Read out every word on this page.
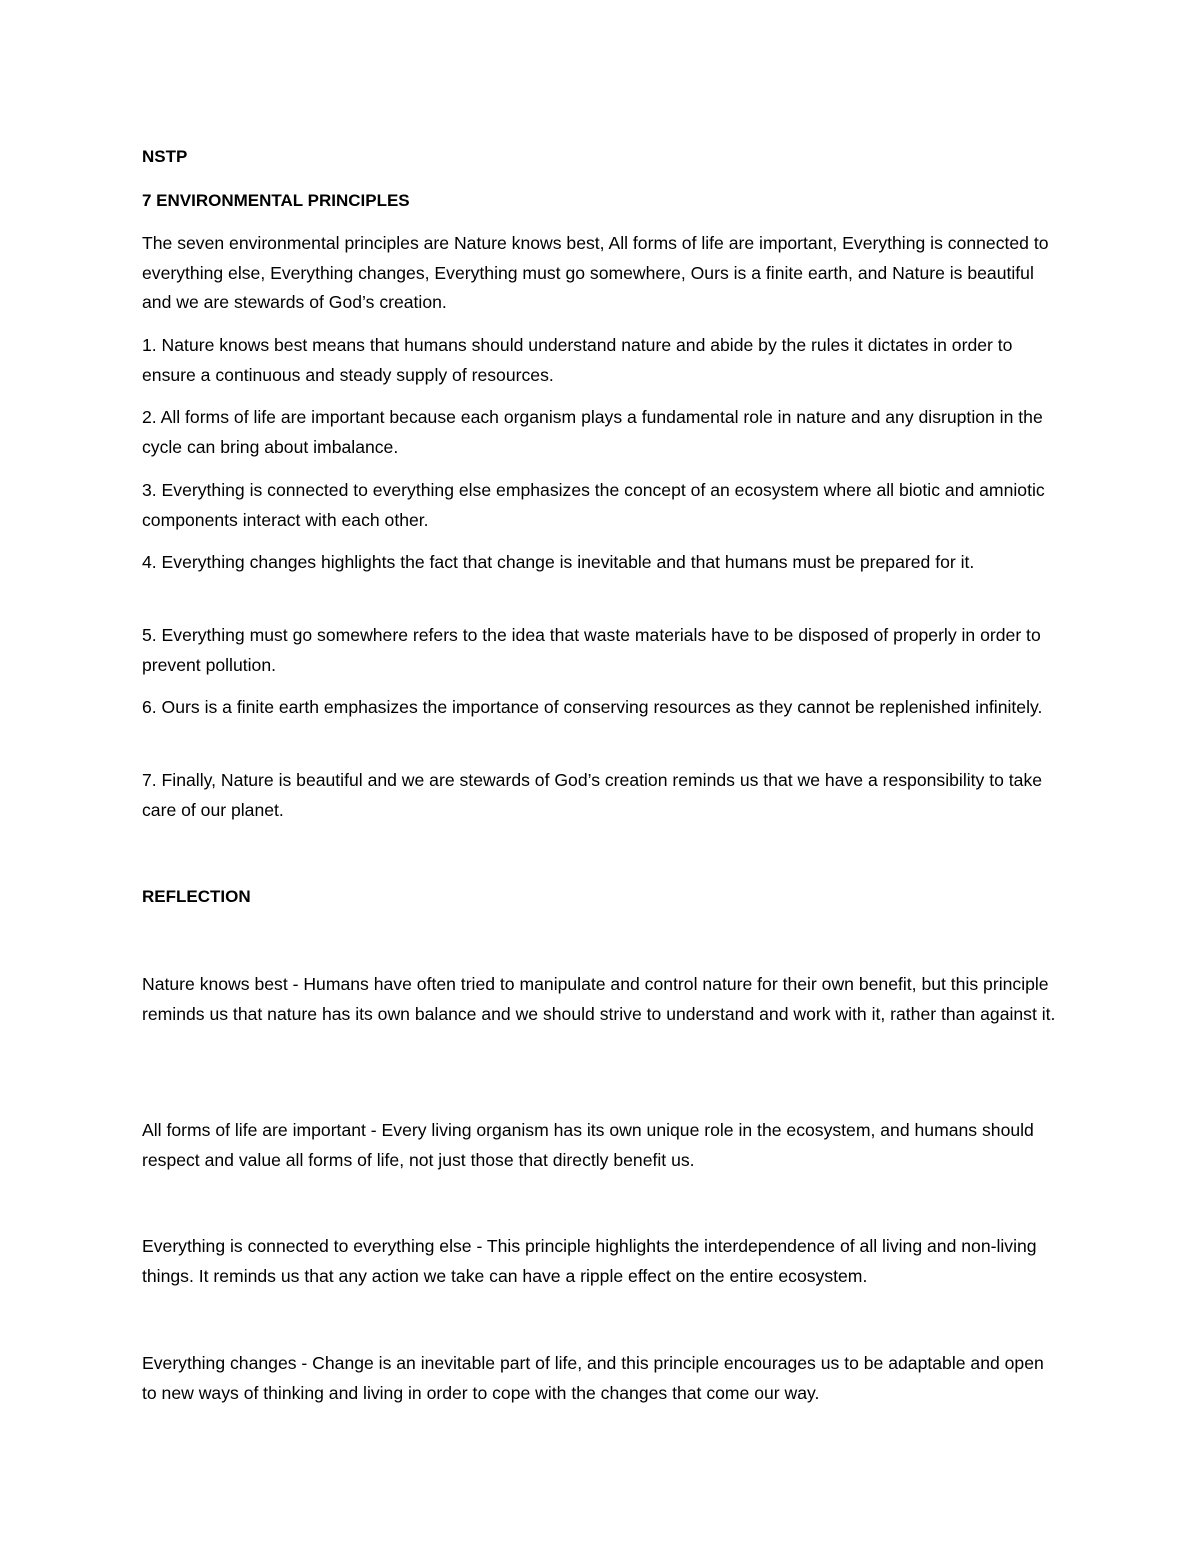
NSTP
7 ENVIRONMENTAL PRINCIPLES

The seven environmental principles are Nature knows best, All forms of life are important, Everything is connected to everything else, Everything changes, Everything must go somewhere, Ours is a finite earth, and Nature is beautiful and we are stewards of God’s creation.

1. Nature knows best means that humans should understand nature and abide by the rules it dictates in order to ensure a continuous and steady supply of resources.

2. All forms of life are important because each organism plays a fundamental role in nature and any disruption in the cycle can bring about imbalance.

3. Everything is connected to everything else emphasizes the concept of an ecosystem where all biotic and amniotic components interact with each other.

4. Everything changes highlights the fact that change is inevitable and that humans must be prepared for it.

5. Everything must go somewhere refers to the idea that waste materials have to be disposed of properly in order to prevent pollution.

6. Ours is a finite earth emphasizes the importance of conserving resources as they cannot be replenished infinitely.

7. Finally, Nature is beautiful and we are stewards of God’s creation reminds us that we have a responsibility to take care of our planet.

REFLECTION

Nature knows best - Humans have often tried to manipulate and control nature for their own benefit, but this principle reminds us that nature has its own balance and we should strive to understand and work with it, rather than against it.

All forms of life are important - Every living organism has its own unique role in the ecosystem, and humans should respect and value all forms of life, not just those that directly benefit us.

Everything is connected to everything else - This principle highlights the interdependence of all living and non-living things. It reminds us that any action we take can have a ripple effect on the entire ecosystem.

Everything changes - Change is an inevitable part of life, and this principle encourages us to be adaptable and open to new ways of thinking and living in order to cope with the changes that come our way.
